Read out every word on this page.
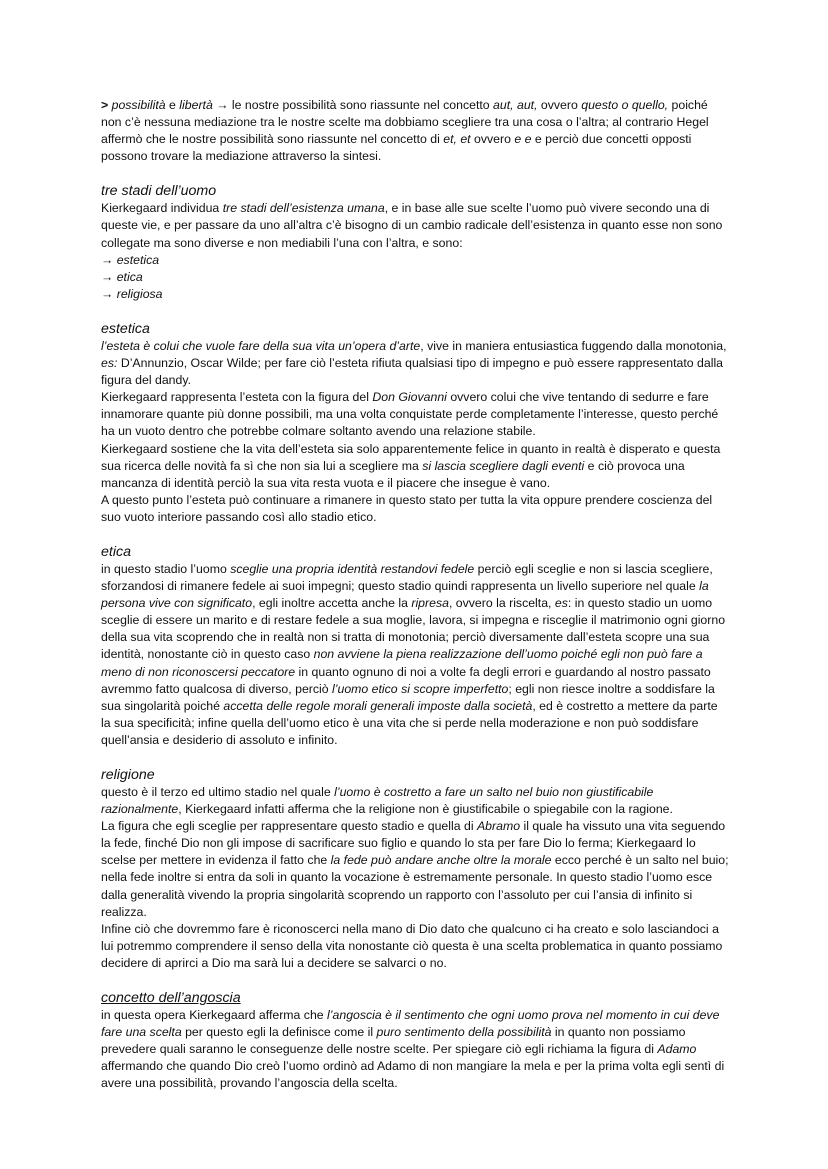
> possibilità e libertà → le nostre possibilità sono riassunte nel concetto aut, aut, ovvero questo o quello, poiché non c’è nessuna mediazione tra le nostre scelte ma dobbiamo scegliere tra una cosa o l’altra; al contrario Hegel affermò che le nostre possibilità sono riassunte nel concetto di et, et ovvero e e e perciò due concetti opposti possono trovare la mediazione attraverso la sintesi.

tre stadi dell’uomo

Kierkegaard individua tre stadi dell’esistenza umana, e in base alle sue scelte l’uomo può vivere secondo una di queste vie, e per passare da uno all’altra c’è bisogno di un cambio radicale dell’esistenza in quanto esse non sono collegate ma sono diverse e non mediabili l’una con l’altra, e sono:

→ estetica

→ etica

→ religiosa

estetica

l’esteta è colui che vuole fare della sua vita un’opera d’arte, vive in maniera entusiastica fuggendo dalla monotonia, es: D’Annunzio, Oscar Wilde; per fare ciò l’esteta rifiuta qualsiasi tipo di impegno e può essere rappresentato dalla figura del dandy.

Kierkegaard rappresenta l’esteta con la figura del Don Giovanni ovvero colui che vive tentando di sedurre e fare innamorare quante più donne possibili, ma una volta conquistate perde completamente l’interesse, questo perché ha un vuoto dentro che potrebbe colmare soltanto avendo una relazione stabile.

Kierkegaard sostiene che la vita dell’esteta sia solo apparentemente felice in quanto in realtà è disperato e questa sua ricerca delle novità fa sì che non sia lui a scegliere ma si lascia scegliere dagli eventi e ciò provoca una mancanza di identità perciò la sua vita resta vuota e il piacere che insegue è vano.

A questo punto l’esteta può continuare a rimanere in questo stato per tutta la vita oppure prendere coscienza del suo vuoto interiore passando così allo stadio etico.

etica

in questo stadio l’uomo sceglie una propria identità restandovi fedele perciò egli sceglie e non si lascia scegliere, sforzandosi di rimanere fedele ai suoi impegni; questo stadio quindi rappresenta un livello superiore nel quale la persona vive con significato, egli inoltre accetta anche la ripresa, ovvero la riscelta, es: in questo stadio un uomo sceglie di essere un marito e di restare fedele a sua moglie, lavora, si impegna e risceglie il matrimonio ogni giorno della sua vita scoprendo che in realtà non si tratta di monotonia; perciò diversamente dall’esteta scopre una sua identità, nonostante ciò in questo caso non avviene la piena realizzazione dell’uomo poiché egli non può fare a meno di non riconoscersi peccatore in quanto ognuno di noi a volte fa degli errori e guardando al nostro passato avremmo fatto qualcosa di diverso, perciò l’uomo etico si scopre imperfetto; egli non riesce inoltre a soddisfare la sua singolarità poiché accetta delle regole morali generali imposte dalla società, ed è costretto a mettere da parte la sua specificità; infine quella dell’uomo etico è una vita che si perde nella moderazione e non può soddisfare quell’ansia e desiderio di assoluto e infinito.

religione

questo è il terzo ed ultimo stadio nel quale l’uomo è costretto a fare un salto nel buio non giustificabile razionalmente, Kierkegaard infatti afferma che la religione non è giustificabile o spiegabile con la ragione.

La figura che egli sceglie per rappresentare questo stadio e quella di Abramo il quale ha vissuto una vita seguendo la fede, finché Dio non gli impose di sacrificare suo figlio e quando lo sta per fare Dio lo ferma; Kierkegaard lo scelse per mettere in evidenza il fatto che la fede può andare anche oltre la morale ecco perché è un salto nel buio; nella fede inoltre si entra da soli in quanto la vocazione è estremamente personale. In questo stadio l’uomo esce dalla generalità vivendo la propria singolarità scoprendo un rapporto con l’assoluto per cui l’ansia di infinito si realizza.

Infine ciò che dovremmo fare è riconoscerci nella mano di Dio dato che qualcuno ci ha creato e solo lasciandoci a lui potremmo comprendere il senso della vita nonostante ciò questa è una scelta problematica in quanto possiamo decidere di aprirci a Dio ma sarà lui a decidere se salvarci o no.

concetto dell’angoscia

in questa opera Kierkegaard afferma che l’angoscia è il sentimento che ogni uomo prova nel momento in cui deve fare una scelta per questo egli la definisce come il puro sentimento della possibilità in quanto non possiamo prevedere quali saranno le conseguenze delle nostre scelte. Per spiegare ciò egli richiama la figura di Adamo affermando che quando Dio creò l’uomo ordinò ad Adamo di non mangiare la mela e per la prima volta egli sentì di avere una possibilità, provando l’angoscia della scelta.
